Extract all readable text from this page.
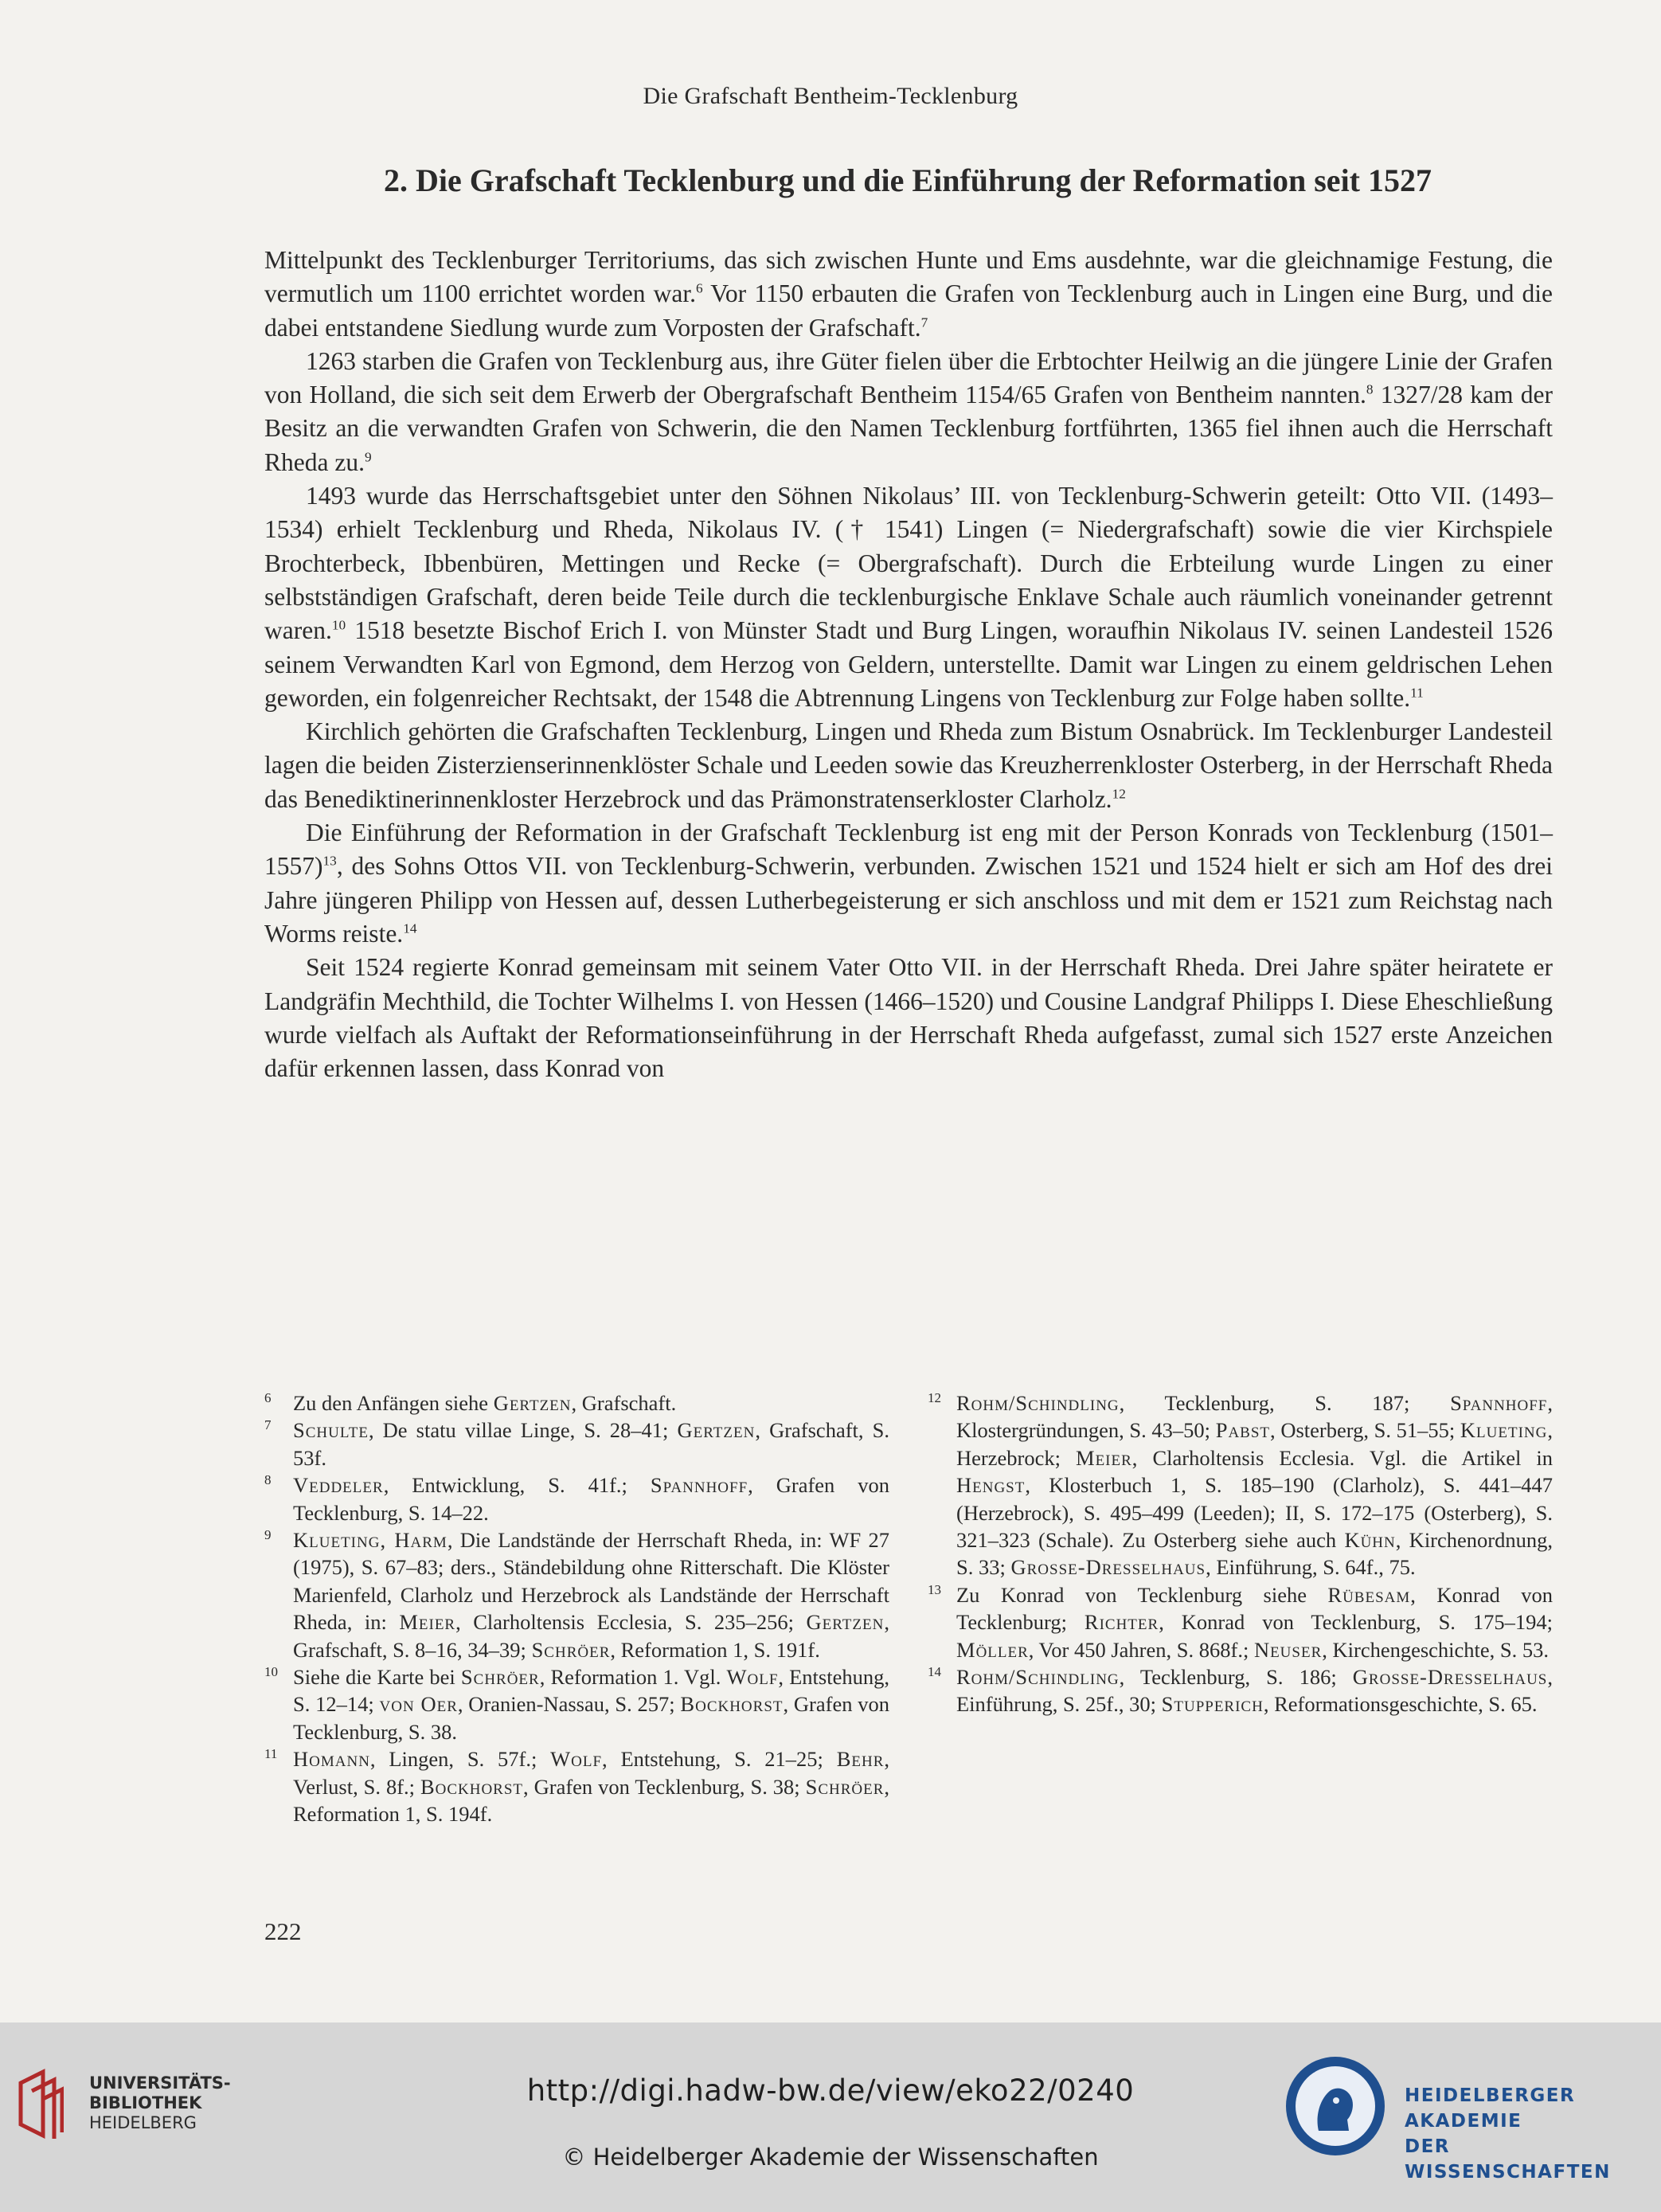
Die Grafschaft Bentheim-Tecklenburg
2. Die Grafschaft Tecklenburg und die Einführung der Reformation seit 1527

Mittelpunkt des Tecklenburger Territoriums, das sich zwischen Hunte und Ems ausdehnte, war die gleichnamige Festung, die vermutlich um 1100 errichtet worden war.$^6$ Vor 1150 erbauten die Grafen von Tecklenburg auch in Lingen eine Burg, und die dabei entstandene Siedlung wurde zum Vorposten der Grafschaft.$^7$

1263 starben die Grafen von Tecklenburg aus, ihre Güter fielen über die Erbtochter Heilwig an die jüngere Linie der Grafen von Holland, die sich seit dem Erwerb der Obergrafschaft Bentheim 1154/65 Grafen von Bentheim nannten.$^8$ 1327/28 kam der Besitz an die verwandten Grafen von Schwerin, die den Namen Tecklenburg fortführten, 1365 fiel ihnen auch die Herrschaft Rheda zu.$^9$

1493 wurde das Herrschaftsgebiet unter den Söhnen Nikolaus’ III. von Tecklenburg-Schwerin geteilt: Otto VII. (1493–1534) erhielt Tecklenburg und Rheda, Nikolaus IV. († 1541) Lingen (= Niedergrafschaft) sowie die vier Kirchspiele Brochterbeck, Ibbenbüren, Mettingen und Recke (= Obergrafschaft). Durch die Erbteilung wurde Lingen zu einer selbstständigen Grafschaft, deren beide Teile durch die tecklenburgische Enklave Schale auch räumlich voneinander getrennt waren.$^{10}$ 1518 besetzte Bischof Erich I. von Münster Stadt und Burg Lingen, woraufhin Nikolaus IV. seinen Landesteil 1526 seinem Verwandten Karl von Egmond, dem Herzog von Geldern, unterstellte. Damit war Lingen zu einem geldrischen Lehen geworden, ein folgenreicher Rechtsakt, der 1548 die Abtrennung Lingens von Tecklenburg zur Folge haben sollte.$^{11}$

Kirchlich gehörten die Grafschaften Tecklenburg, Lingen und Rheda zum Bistum Osnabrück. Im Tecklenburger Landesteil lagen die beiden Zisterzienserinnenklöster Schale und Leeden sowie das Kreuzherrenkloster Osterberg, in der Herrschaft Rheda das Benediktinerinnenkloster Herzebrock und das Prämonstratenserkloster Clarholz.$^{12}$

Die Einführung der Reformation in der Grafschaft Tecklenburg ist eng mit der Person Konrads von Tecklenburg (1501–1557)$^{13}$, des Sohns Ottos VII. von Tecklenburg-Schwerin, verbunden. Zwischen 1521 und 1524 hielt er sich am Hof des drei Jahre jüngeren Philipp von Hessen auf, dessen Lutherbegeisterung er sich anschloss und mit dem er 1521 zum Reichstag nach Worms reiste.$^{14}$

Seit 1524 regierte Konrad gemeinsam mit seinem Vater Otto VII. in der Herrschaft Rheda. Drei Jahre später heiratete er Landgräfin Mechthild, die Tochter Wilhelms I. von Hessen (1466–1520) und Cousine Landgraf Philipps I. Diese Eheschließung wurde vielfach als Auftakt der Reformationseinführung in der Herrschaft Rheda aufgefasst, zumal sich 1527 erste Anzeichen dafür erkennen lassen, dass Konrad von

6 Zu den Anfängen siehe Gertzen, Grafschaft.
7 Schulte, De statu villae Linge, S. 28–41; Gertzen, Grafschaft, S. 53f.
8 Veddeler, Entwicklung, S. 41f.; Spannhoff, Grafen von Tecklenburg, S. 14–22.
9 Klueting, Harm, Die Landstände der Herrschaft Rheda, in: WF 27 (1975), S. 67–83; ders., Ständebildung ohne Ritterschaft. Die Klöster Marienfeld, Clarholz und Herzebrock als Landstände der Herrschaft Rheda, in: Meier, Clarholtensis Ecclesia, S. 235–256; Gertzen, Grafschaft, S. 8–16, 34–39; Schröer, Reformation 1, S. 191f.
10 Siehe die Karte bei Schröer, Reformation 1. Vgl. Wolf, Entstehung, S. 12–14; von Oer, Oranien-Nassau, S. 257; Bockhorst, Grafen von Tecklenburg, S. 38.
11 Homann, Lingen, S. 57f.; Wolf, Entstehung, S. 21–25; Behr, Verlust, S. 8f.; Bockhorst, Grafen von Tecklenburg, S. 38; Schröer, Reformation 1, S. 194f.
12 Rohm/Schindling, Tecklenburg, S. 187; Spannhoff, Klostergründungen, S. 43–50; Pabst, Osterberg, S. 51–55; Klueting, Herzebrock; Meier, Clarholtensis Ecclesia. Vgl. die Artikel in Hengst, Klosterbuch 1, S. 185–190 (Clarholz), S. 441–447 (Herzebrock), S. 495–499 (Leeden); II, S. 172–175 (Osterberg), S. 321–323 (Schale). Zu Osterberg siehe auch Kühn, Kirchenordnung, S. 33; Grosse-Dresselhaus, Einführung, S. 64f., 75.
13 Zu Konrad von Tecklenburg siehe Rübesam, Konrad von Tecklenburg; Richter, Konrad von Tecklenburg, S. 175–194; Möller, Vor 450 Jahren, S. 868f.; Neuser, Kirchengeschichte, S. 53.
14 Rohm/Schindling, Tecklenburg, S. 186; Grosse-Dresselhaus, Einführung, S. 25f., 30; Stupperich, Reformationsgeschichte, S. 65.
222
UNIVERSITÄTS-
BIBLIOTHEK
HEIDELBERG
http://digi.hadw-bw.de/view/eko22/0240
© Heidelberger Akademie der Wissenschaften
HEIDELBERGER AKADEMIE
DER WISSENSCHAFTEN
